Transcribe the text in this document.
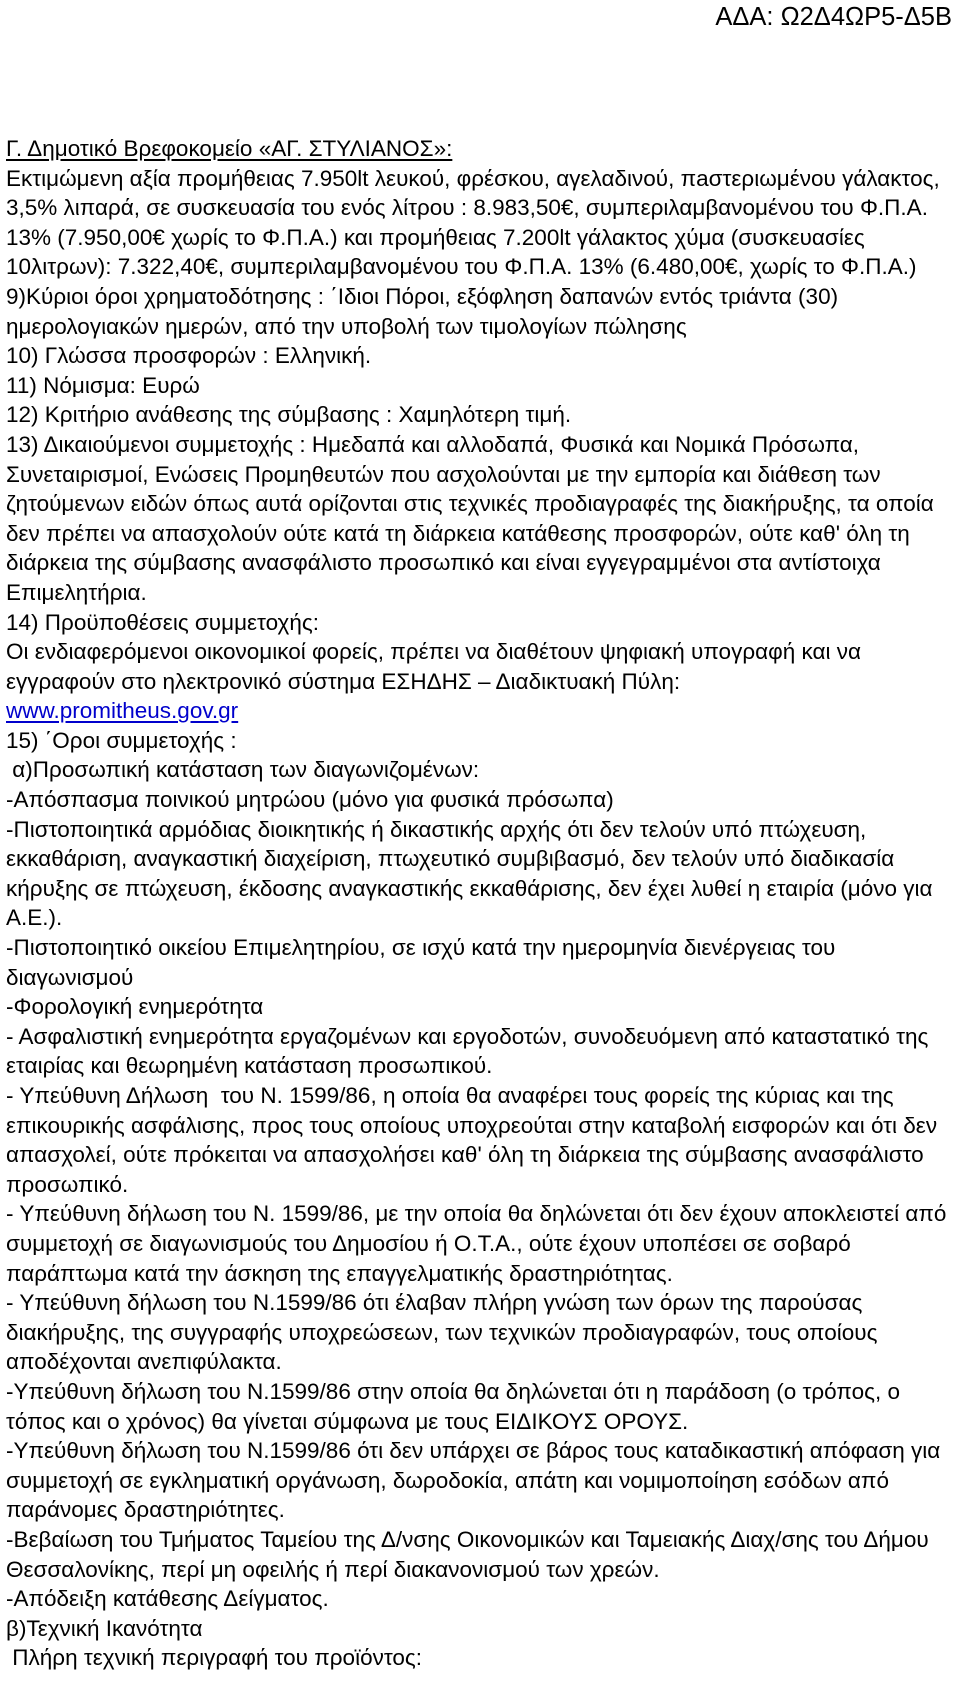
ΑΔΑ: Ω2Δ4ΩΡ5-Δ5Β

Γ. Δημοτικό Βρεφοκομείο «ΑΓ. ΣΤΥΛΙΑΝΟΣ»:

Εκτιμώμενη αξία προμήθειας 7.950lt λευκού, φρέσκου, αγελαδινού, πaστεριωμένου γάλακτος, 3,5% λιπαρά, σε συσκευασία του ενός λίτρου : 8.983,50€, συμπεριλαμβανομένου του Φ.Π.Α. 13% (7.950,00€ χωρίς το Φ.Π.Α.) και προμήθειας 7.200lt γάλακτος χύμα (συσκευασίες 10λιτρων): 7.322,40€, συμπεριλαμβανομένου του Φ.Π.Α. 13% (6.480,00€, χωρίς το Φ.Π.Α.)

9)Κύριοι όροι χρηματοδότησης : ΄Ιδιοι Πόροι, εξόφληση δαπανών εντός τριάντα (30) ημερολογιακών ημερών, από την υποβολή των τιμολογίων πώλησης

10) Γλώσσα προσφορών : Ελληνική.

11) Νόμισμα: Ευρώ

12) Κριτήριο ανάθεσης της σύμβασης : Χαμηλότερη τιμή.

13) Δικαιούμενοι συμμετοχής : Ημεδαπά και αλλοδαπά, Φυσικά και Νομικά Πρόσωπα, Συνεταιρισμοί, Ενώσεις Προμηθευτών που ασχολούνται με την εμπορία και διάθεση των ζητούμενων ειδών όπως αυτά ορίζονται στις τεχνικές προδιαγραφές της διακήρυξης, τα οποία δεν πρέπει να απασχολούν ούτε κατά τη διάρκεια κατάθεσης προσφορών, ούτε καθ' όλη τη διάρκεια της σύμβασης ανασφάλιστο προσωπικό και είναι εγγεγραμμένοι στα αντίστοιχα Επιμελητήρια.

14) Προϋποθέσεις συμμετοχής:

Οι ενδιαφερόμενοι οικονομικοί φορείς, πρέπει να διαθέτουν ψηφιακή υπογραφή και να εγγραφούν στο ηλεκτρονικό σύστημα ΕΣΗΔΗΣ – Διαδικτυακή Πύλη:

www.promitheus.gov.gr

15) ΄Οροι συμμετοχής :

α)Προσωπική κατάσταση των διαγωνιζομένων:

-Απόσπασμα ποινικού μητρώου (μόνο για φυσικά πρόσωπα)

-Πιστοποιητικά αρμόδιας διοικητικής ή δικαστικής αρχής ότι δεν τελούν υπό πτώχευση, εκκαθάριση, αναγκαστική διαχείριση, πτωχευτικό συμβιβασμό, δεν τελούν υπό διαδικασία κήρυξης σε πτώχευση, έκδοσης αναγκαστικής εκκαθάρισης, δεν έχει λυθεί η εταιρία (μόνο για Α.Ε.).

-Πιστοποιητικό οικείου Επιμελητηρίου, σε ισχύ κατά την ημερομηνία διενέργειας του διαγωνισμού

-Φορολογική ενημερότητα

- Ασφαλιστική ενημερότητα εργαζομένων και εργοδοτών, συνοδευόμενη από καταστατικό της εταιρίας και θεωρημένη κατάσταση προσωπικού.

- Υπεύθυνη Δήλωση  του Ν. 1599/86, η οποία θα αναφέρει τους φορείς της κύριας και της επικουρικής ασφάλισης, προς τους οποίους υποχρεούται στην καταβολή εισφορών και ότι δεν απασχολεί, ούτε πρόκειται να απασχολήσει καθ' όλη τη διάρκεια της σύμβασης ανασφάλιστο προσωπικό.

- Υπεύθυνη δήλωση του Ν. 1599/86, με την οποία θα δηλώνεται ότι δεν έχουν αποκλειστεί από συμμετοχή σε διαγωνισμούς του Δημοσίου ή Ο.Τ.Α., ούτε έχουν υποπέσει σε σοβαρό παράπτωμα κατά την άσκηση της επαγγελματικής δραστηριότητας.

- Υπεύθυνη δήλωση του Ν.1599/86 ότι έλαβαν πλήρη γνώση των όρων της παρούσας διακήρυξης, της συγγραφής υποχρεώσεων, των τεχνικών προδιαγραφών, τους οποίους αποδέχονται ανεπιφύλακτα.

-Υπεύθυνη δήλωση του Ν.1599/86 στην οποία θα δηλώνεται ότι η παράδοση (ο τρόπος, ο τόπος και ο χρόνος) θα γίνεται σύμφωνα με τους ΕΙΔΙΚΟΥΣ ΟΡΟΥΣ.

-Υπεύθυνη δήλωση του Ν.1599/86 ότι δεν υπάρχει σε βάρος τους καταδικαστική απόφαση για συμμετοχή σε εγκληματική οργάνωση, δωροδοκία, απάτη και νομιμοποίηση εσόδων από παράνομες δραστηριότητες.

-Βεβαίωση του Τμήματος Ταμείου της Δ/νσης Οικονομικών και Ταμειακής Διαχ/σης του Δήμου Θεσσαλονίκης, περί μη οφειλής ή περί διακανονισμού των χρεών.

-Απόδειξη κατάθεσης Δείγματος.

β)Τεχνική Ικανότητα

Πλήρη τεχνική περιγραφή του προϊόντος:
